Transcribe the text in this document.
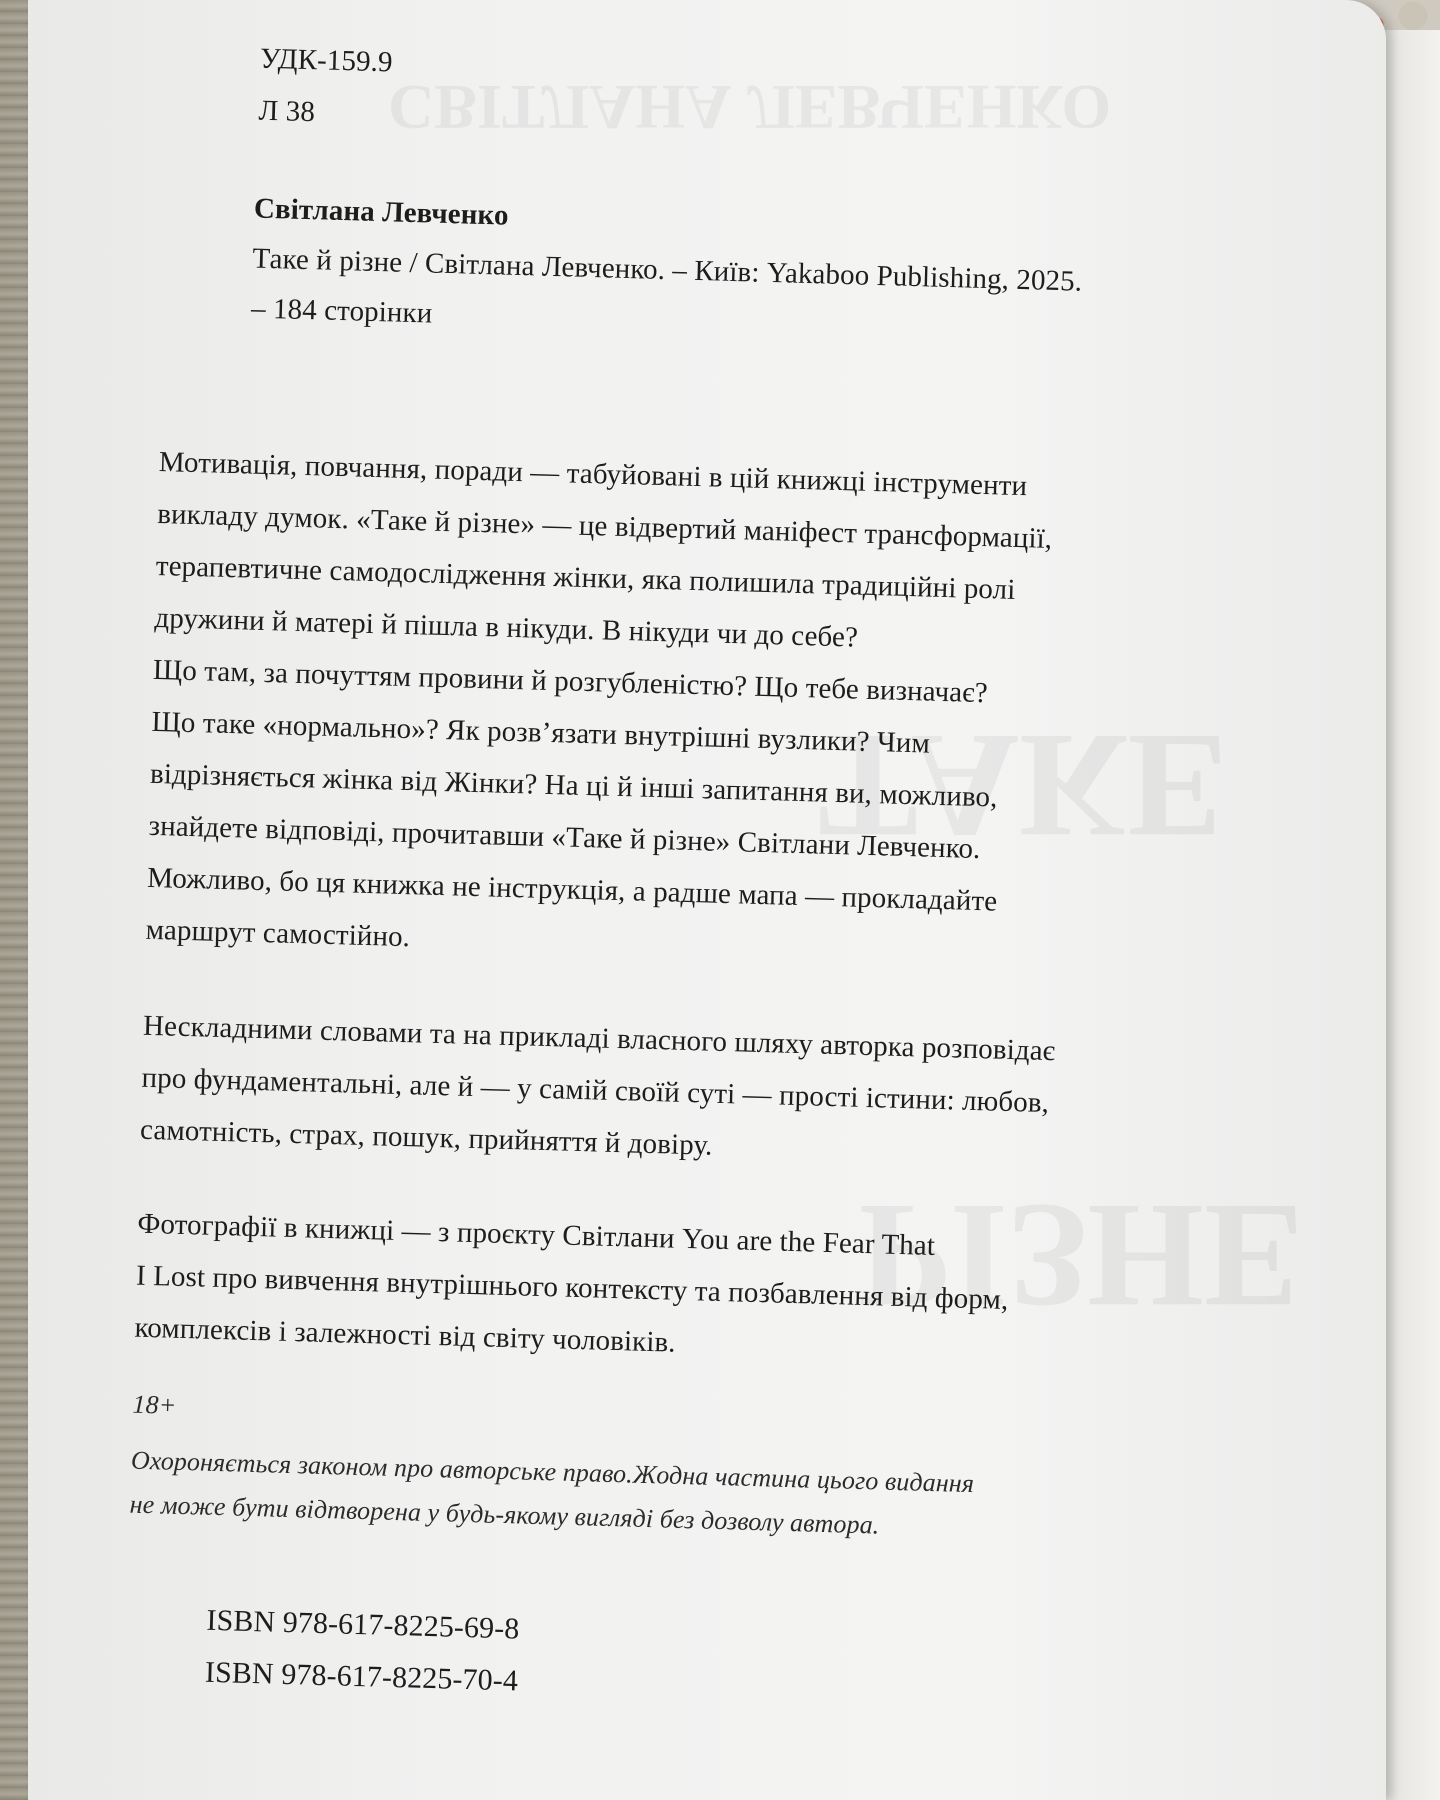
СВІТЛАНА ЛЕВЧЕНКО
ТАКЕ
РІЗНЕ
УДК-159.9
Л 38
Світлана Левченко
Таке й різне / Світлана Левченко. – Київ: Yakaboo Publishing, 2025.
– 184 сторінки
Мотивація, повчання, поради — табуйовані в цій книжці інструменти
викладу думок. «Таке й різне» — це відвертий маніфест трансформації,
терапевтичне самодослідження жінки, яка полишила традиційні ролі
дружини й матері й пішла в нікуди. В нікуди чи до себе?
Що там, за почуттям провини й розгубленістю? Що тебе визначає?
Що таке «нормально»? Як розв’язати внутрішні вузлики? Чим
відрізняється жінка від Жінки? На ці й інші запитання ви, можливо,
знайдете відповіді, прочитавши «Таке й різне» Світлани Левченко.
Можливо, бо ця книжка не інструкція, а радше мапа — прокладайте
маршрут самостійно.
Нескладними словами та на прикладі власного шляху авторка розповідає
про фундаментальні, але й — у самій своїй суті — прості істини: любов,
самотність, страх, пошук, прийняття й довіру.
Фотографії в книжці — з проєкту Світлани You are the Fear That
I Lost про вивчення внутрішнього контексту та позбавлення від форм,
комплексів і залежності від світу чоловіків.
18+
Охороняється законом про авторське право.Жодна частина цього видання
не може бути відтворена у будь-якому вигляді без дозволу автора.
ISBN 978-617-8225-69-8
ISBN 978-617-8225-70-4
